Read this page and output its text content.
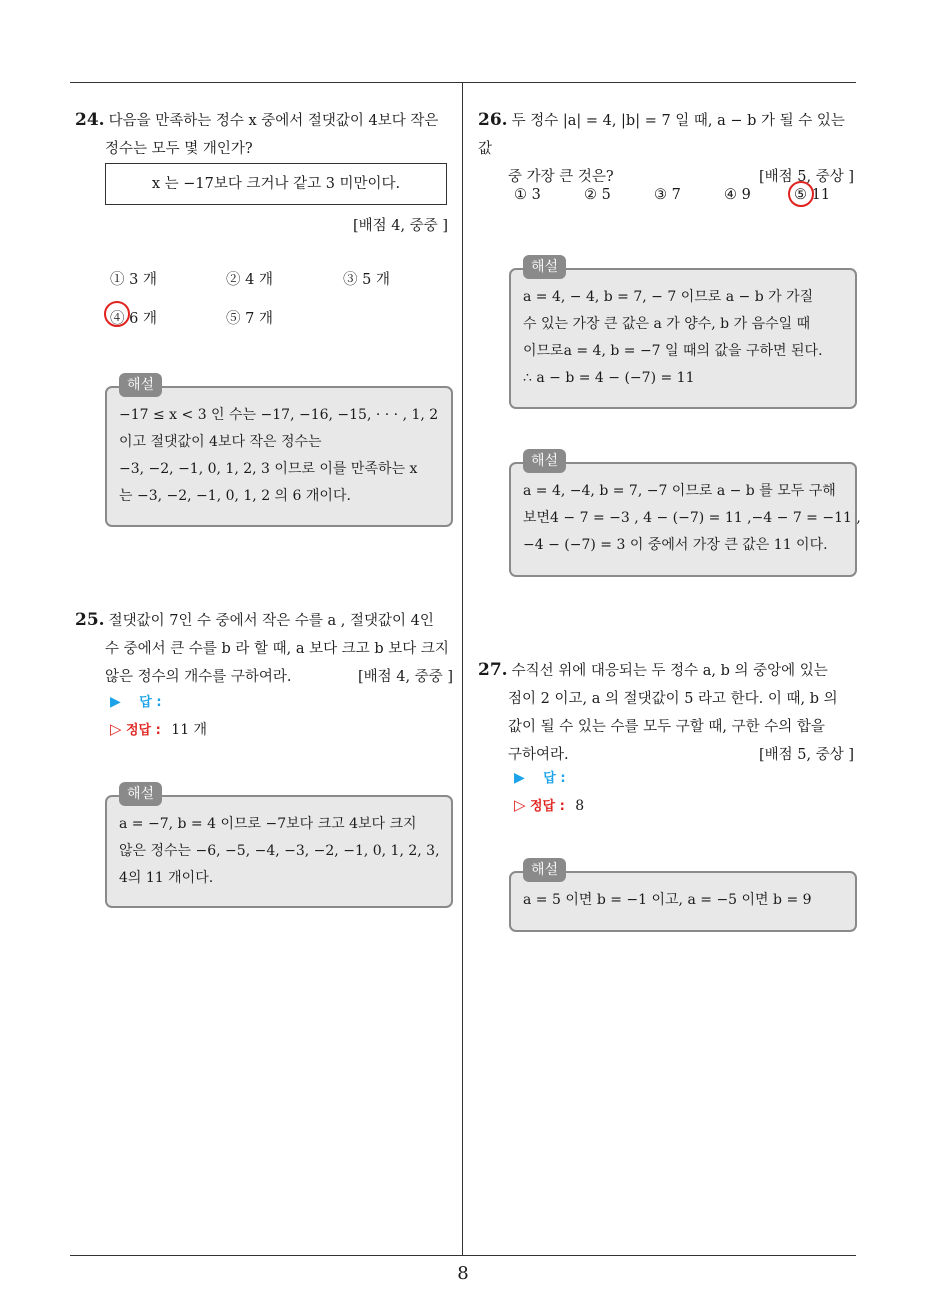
24. 다음을 만족하는 정수 x 중에서 절댓값이 4보다 작은
정수는 모두 몇 개인가?
x 는 −17보다 크거나 같고 3 미만이다.
[배점 4, 중중 ]
① 3 개	② 4 개	③ 5 개
④ 6 개	⑤ 7 개
−17 ≤ x < 3 인 수는 −17, −16, −15, · · · , 1, 2
이고 절댓값이 4보다 작은 정수는
−3, −2, −1, 0, 1, 2, 3 이므로 이를 만족하는 x
는 −3, −2, −1, 0, 1, 2 의 6 개이다.
해설
25. 절댓값이 7인 수 중에서 작은 수를 a , 절댓값이 4인
수 중에서 큰 수를 b 라 할 때, a 보다 크고 b 보다 크지
않은 정수의 개수를 구하여라.	[배점 4, 중중 ]
▶ 답 :
▷ 정답 : 11 개
a = −7, b = 4 이므로 −7보다 크고 4보다 크지
않은 정수는 −6, −5, −4, −3, −2, −1, 0, 1, 2, 3,
4의 11 개이다.
해설
26. 두 정수 |a| = 4, |b| = 7 일 때, a − b 가 될 수 있는 값
중 가장 큰 것은?	[배점 5, 중상 ]
① 3	② 5	③ 7	④ 9	⑤ 11
a = 4, − 4, b = 7, − 7 이므로 a − b 가 가질
수 있는 가장 큰 값은 a 가 양수, b 가 음수일 때
이므로a = 4, b = −7 일 때의 값을 구하면 된다.
∴ a − b = 4 − (−7) = 11
해설
a = 4, −4, b = 7, −7 이므로 a − b 를 모두 구해
보면4 − 7 = −3 , 4 − (−7) = 11 ,−4 − 7 = −11 ,
−4 − (−7) = 3 이 중에서 가장 큰 값은 11 이다.
해설
27. 수직선 위에 대응되는 두 정수 a, b 의 중앙에 있는
점이 2 이고, a 의 절댓값이 5 라고 한다. 이 때, b 의
값이 될 수 있는 수를 모두 구할 때, 구한 수의 합을
구하여라.	[배점 5, 중상 ]
▶ 답 :
▷ 정답 : 8
a = 5 이면 b = −1 이고, a = −5 이면 b = 9
해설
8
